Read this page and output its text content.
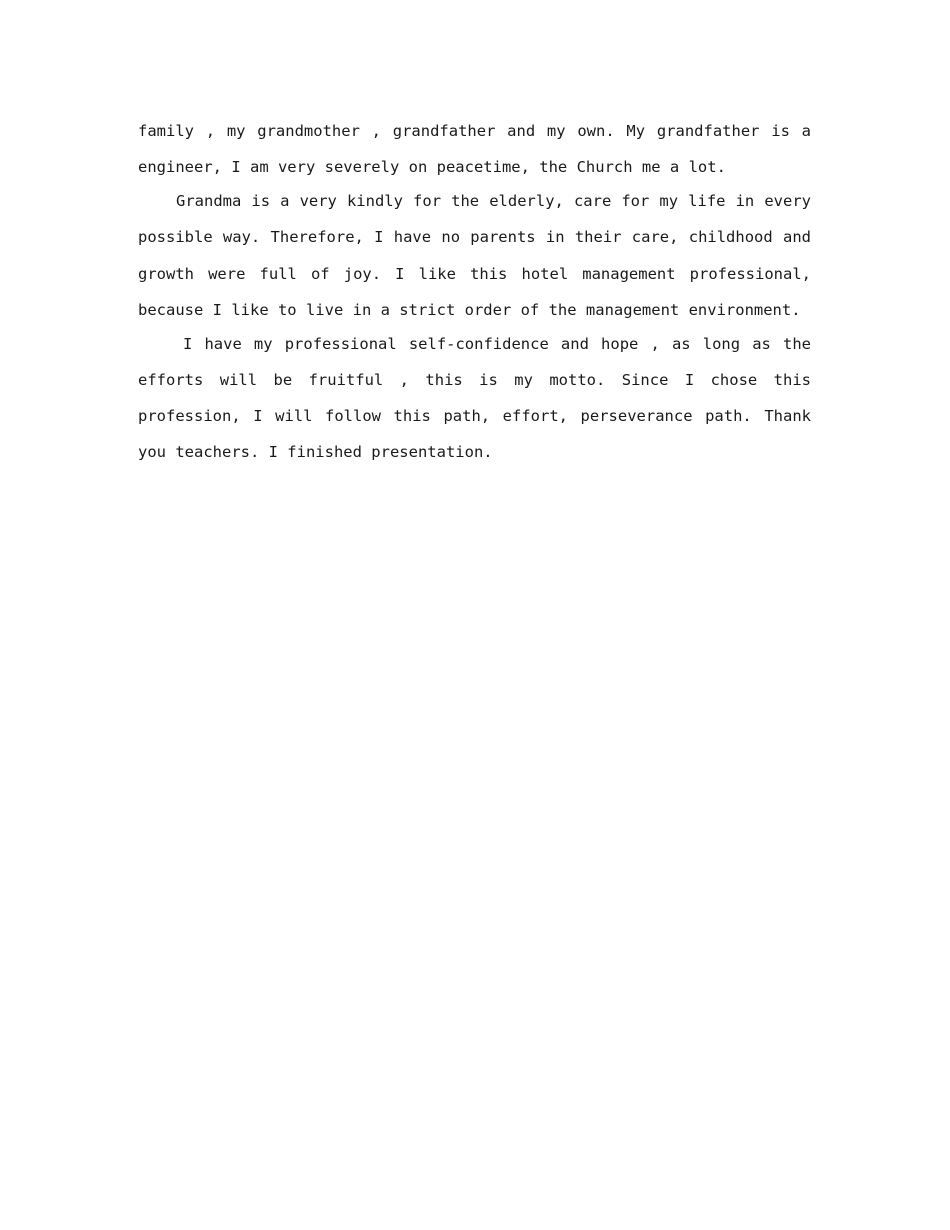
family , my grandmother , grandfather and my own. My grandfather is a engineer, I am very severely on peacetime, the Church me a lot.

Grandma is a very kindly for the elderly, care for my life in every possible way. Therefore, I have no parents in their care, childhood and growth were full of joy. I like this hotel management professional, because I like to live in a strict order of the management environment.

I have my professional self-confidence and hope , as long as the efforts will be fruitful , this is my motto. Since I chose this profession, I will follow this path, effort, perseverance path. Thank you teachers. I finished presentation.
